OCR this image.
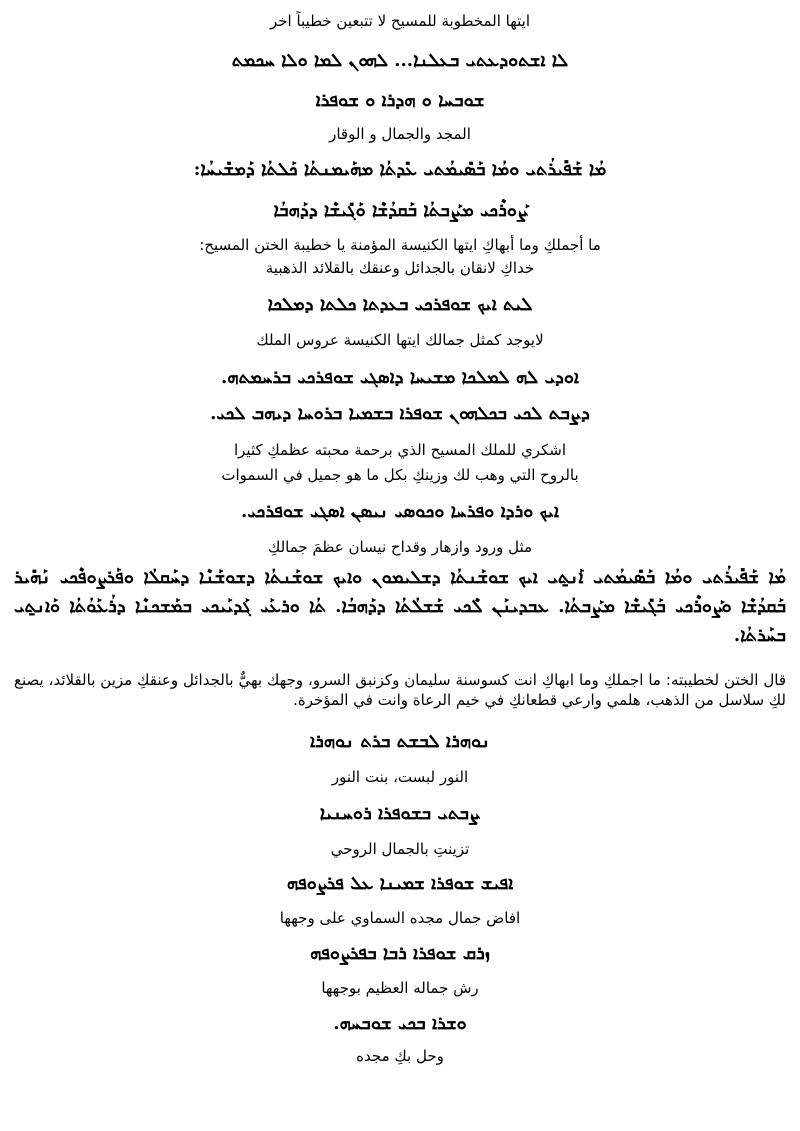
ايتها المخطوبة للمسيح لا تتبعين خطيباً اخر
ܠܐ ܐܫܬܘܕܥܬܝ ܒܥܠܢܐ... ܠܗܘܢ ܠܡܐ ܘܠܐ ܚܟܡܬ
ܫܘܒܚܐ ܘ ܗܕܪܐ ܘ ܫܘܦܪܐ
المجد والجمال و الوقار
ܡܳܐ ܫܰܦܺܝܪܳܬܝ ܘܡܳܐ ܒܰܣܺܝܡܳܬܝ ܥܺܕܬܳܐ ܡܗܰܝܡܢܬܳܐ ܟܰܠܬܳܐ ܕܰܡܫܺܝܚܳܐ:
ܨܰܘܪܶܟܝ ܡܨܰܒܬܳܐ ܒܰܩܕܳܫܶܐ ܘܰܓܺܝܫܶܐ ܕܕܰܗܒܳܐ
ما أجملكِ وما أبهاكِ ايتها الكنيسة المؤمنة يا خطيبة الختن المسيح:
خداكِ لانقان بالجدائل وعنقك بالقلائد الذهبية
ܠܝܬ ܐܝܟ ܫܘܦܪܟܝ ܒܥܕܬܐ ܟܠܬܐ ܕܡܠܟܐ
لايوجد كمثل جمالك ايتها الكنيسة عروس الملك
ܐܘܕܝ ܠܗ ܠܡܠܟܐ ܡܫܝܚܐ ܕܐܣܓܝ ܫܘܦܪܟܝ ܒܪܚܡܬܗ.
ܕܨܒܬ ܠܟܝ ܒܟܠܗܘܢ ܫܘܦܪܐ ܒܫܡܝܐ ܒܪܘܚܐ ܕܝܗܒ ܠܟܝ.
اشكري للملك المسيح الذي برحمة محبته عظمكِ كثيرا
بالروح التي وهب لك وزينكِ بكل ما هو جميل في السموات
ܐܝܟ ܘܪܕܐ ܘܦܪܚܐ ܘܟܘܣܝ ܢܝܣܢ ܐܣܓܝ ܫܘܦܪܟܝ.
مثل ورود وازهار وقداح نيسان عظمَ جمالكِ
ܡܳܐ ܫܰܦܺܝܪܳܬܝ ܘܡܳܐ ܒܰܣܺܝܡܳܬܝ ܐܰܢ̱ܬܝ ܐܝܟ ܫܘܫܰܢܬܳܐ ܕܫܠܝܡܘܢ ܘܐܝܟ ܫܘܫܰܢܬܳܐ ܕܫܘܫܰܢܶܐ ܕܚܰܩܠܳܐ ܘܦܰܪܨܘܦܶܟܝ ܢܰܗܺܝܪ ܒܰܩܕܳܫܶܐ ܘܨܰܘܪܶܟܝ ܒܰܓܺܝܫܶܐ ܡܨܰܒܬܳܐ. ܥܒܕܝܢܰܢ ܠܶܟܝ ܫܰܫܠܳܬܳܐ ܕܕܰܗܒܳܐ. ܬܳܐ ܘܪܥܰܝ ܓܰܕܝܰܝܟܝ ܒܡܰܫܟܢܶܐ ܕܪܳܥܰܘܳܬܳܐ ܘܰܐܢ̱ܬܝ ܒܚܰܪܬܳܐ.
قال الختن لخطيبته: ما اجملكِ وما ابهاكِ انت كسوسنة سليمان وكزنبق السرو، وجهك بهيٌّ بالجدائل وعنقكِ مزين بالقلائد، يصنع لكِ سلاسل من الذهب، هلمي وارعي قطعانكِ في خيم الرعاة وانت في المؤخرة.
ܢܘܗܪܐ ܠܒܫܬ ܒܪܬ ܢܘܗܪܐ
النور لبست، بنت النور
ܨܒܬܝ ܒܫܘܦܪܐ ܪܘܚܢܝܐ
تزينتِ بالجمال الروحي
ܐܦܝܫ ܫܘܦܪܐ ܫܡܝܢܐ ܥܠ ܦܪܨܘܦܗ
افاض جمال مجده السماوي على وجهها
ܙܪܩ ܫܘܦܪܐ ܪܒܐ ܒܦܪܨܘܦܗ
رش جماله العظيم بوجهها
ܘܫܪܐ ܒܟܝ ܫܘܒܚܗ.
وحل بكِ مجده
